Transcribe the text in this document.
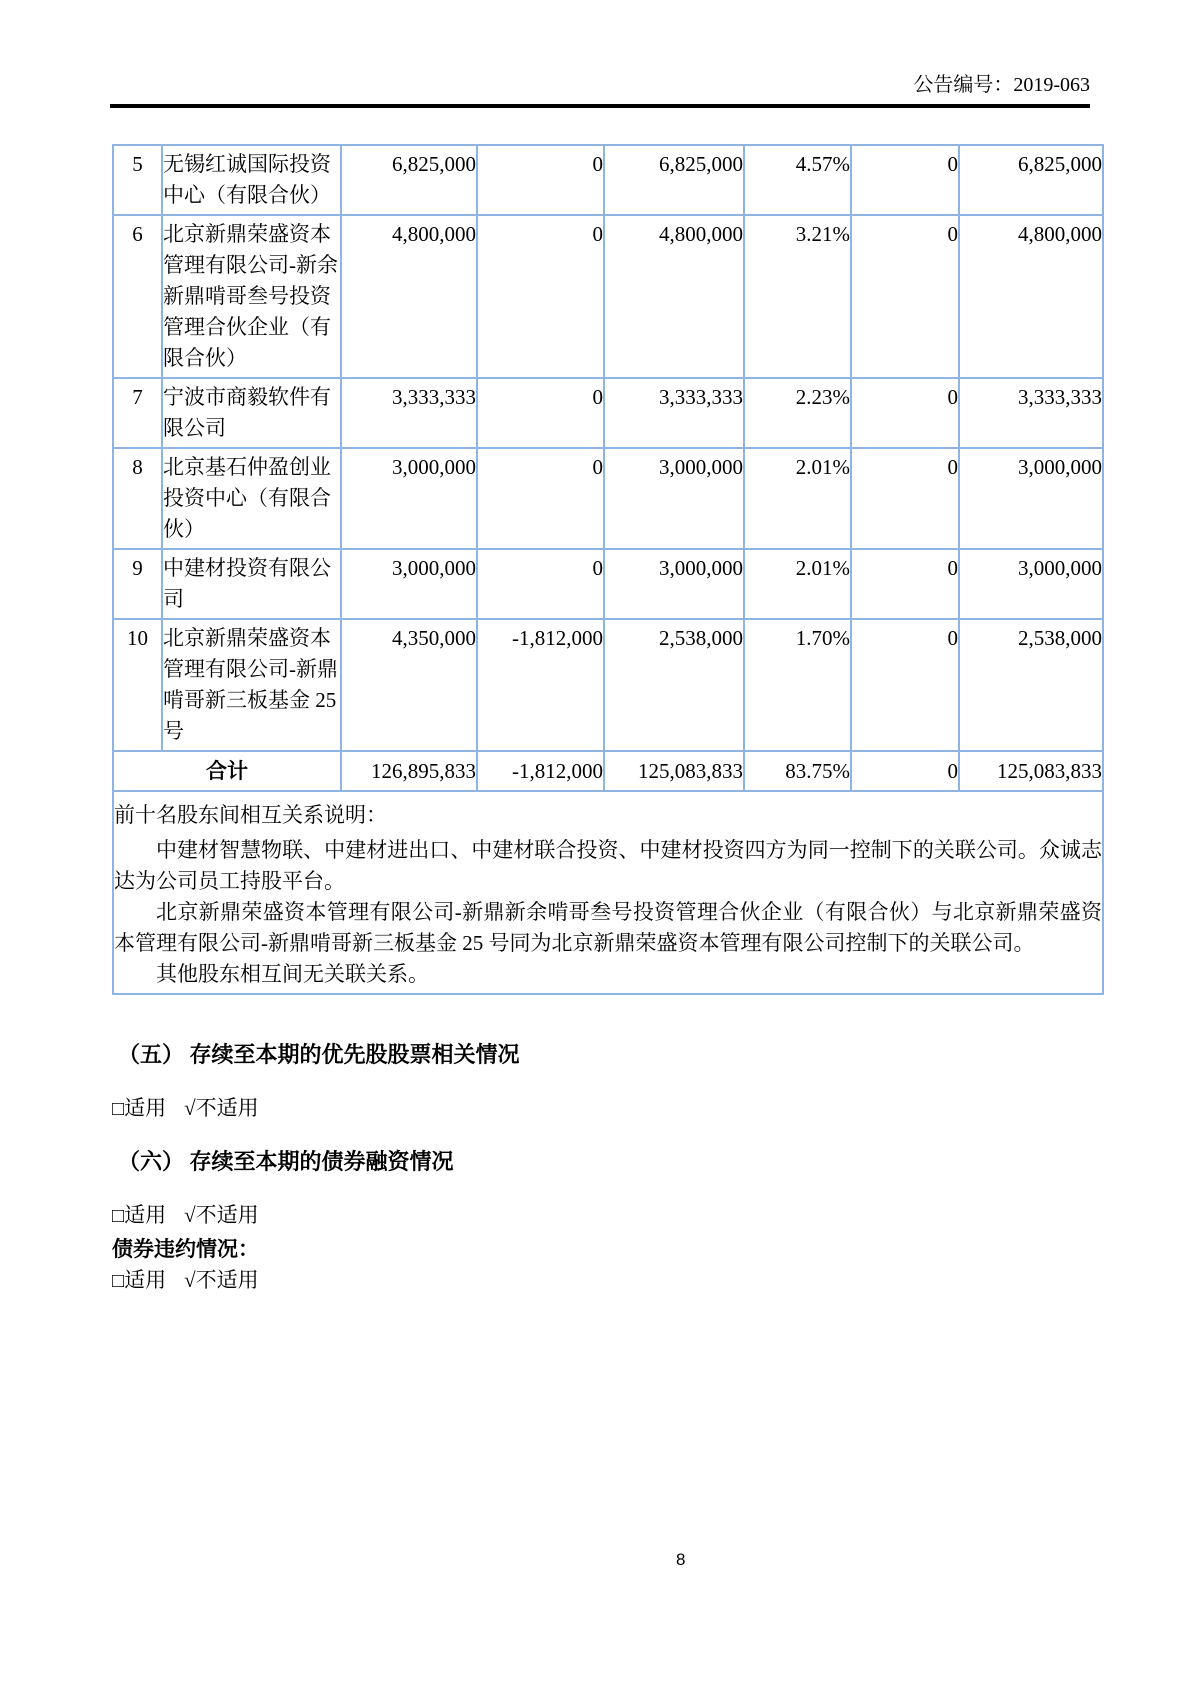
公告编号：2019-063
5	无锡红诚国际投资中心（有限合伙）	6,825,000	0	6,825,000	4.57%	0	6,825,000
6	北京新鼎荣盛资本管理有限公司-新余新鼎啃哥叁号投资管理合伙企业（有限合伙）	4,800,000	0	4,800,000	3.21%	0	4,800,000
7	宁波市商毅软件有限公司	3,333,333	0	3,333,333	2.23%	0	3,333,333
8	北京基石仲盈创业投资中心（有限合伙）	3,000,000	0	3,000,000	2.01%	0	3,000,000
9	中建材投资有限公司	3,000,000	0	3,000,000	2.01%	0	3,000,000
10	北京新鼎荣盛资本管理有限公司-新鼎啃哥新三板基金 25 号	4,350,000	-1,812,000	2,538,000	1.70%	0	2,538,000
合计		126,895,833	-1,812,000	125,083,833	83.75%	0	125,083,833

前十名股东间相互关系说明：
中建材智慧物联、中建材进出口、中建材联合投资、中建材投资四方为同一控制下的关联公司。众诚志达为公司员工持股平台。
北京新鼎荣盛资本管理有限公司-新鼎新余啃哥叁号投资管理合伙企业（有限合伙）与北京新鼎荣盛资本管理有限公司-新鼎啃哥新三板基金 25 号同为北京新鼎荣盛资本管理有限公司控制下的关联公司。
其他股东相互间无关联关系。							
（五） 存续至本期的优先股股票相关情况
□适用 √不适用
（六） 存续至本期的债券融资情况
□适用 √不适用
债券违约情况：
□适用 √不适用
8
